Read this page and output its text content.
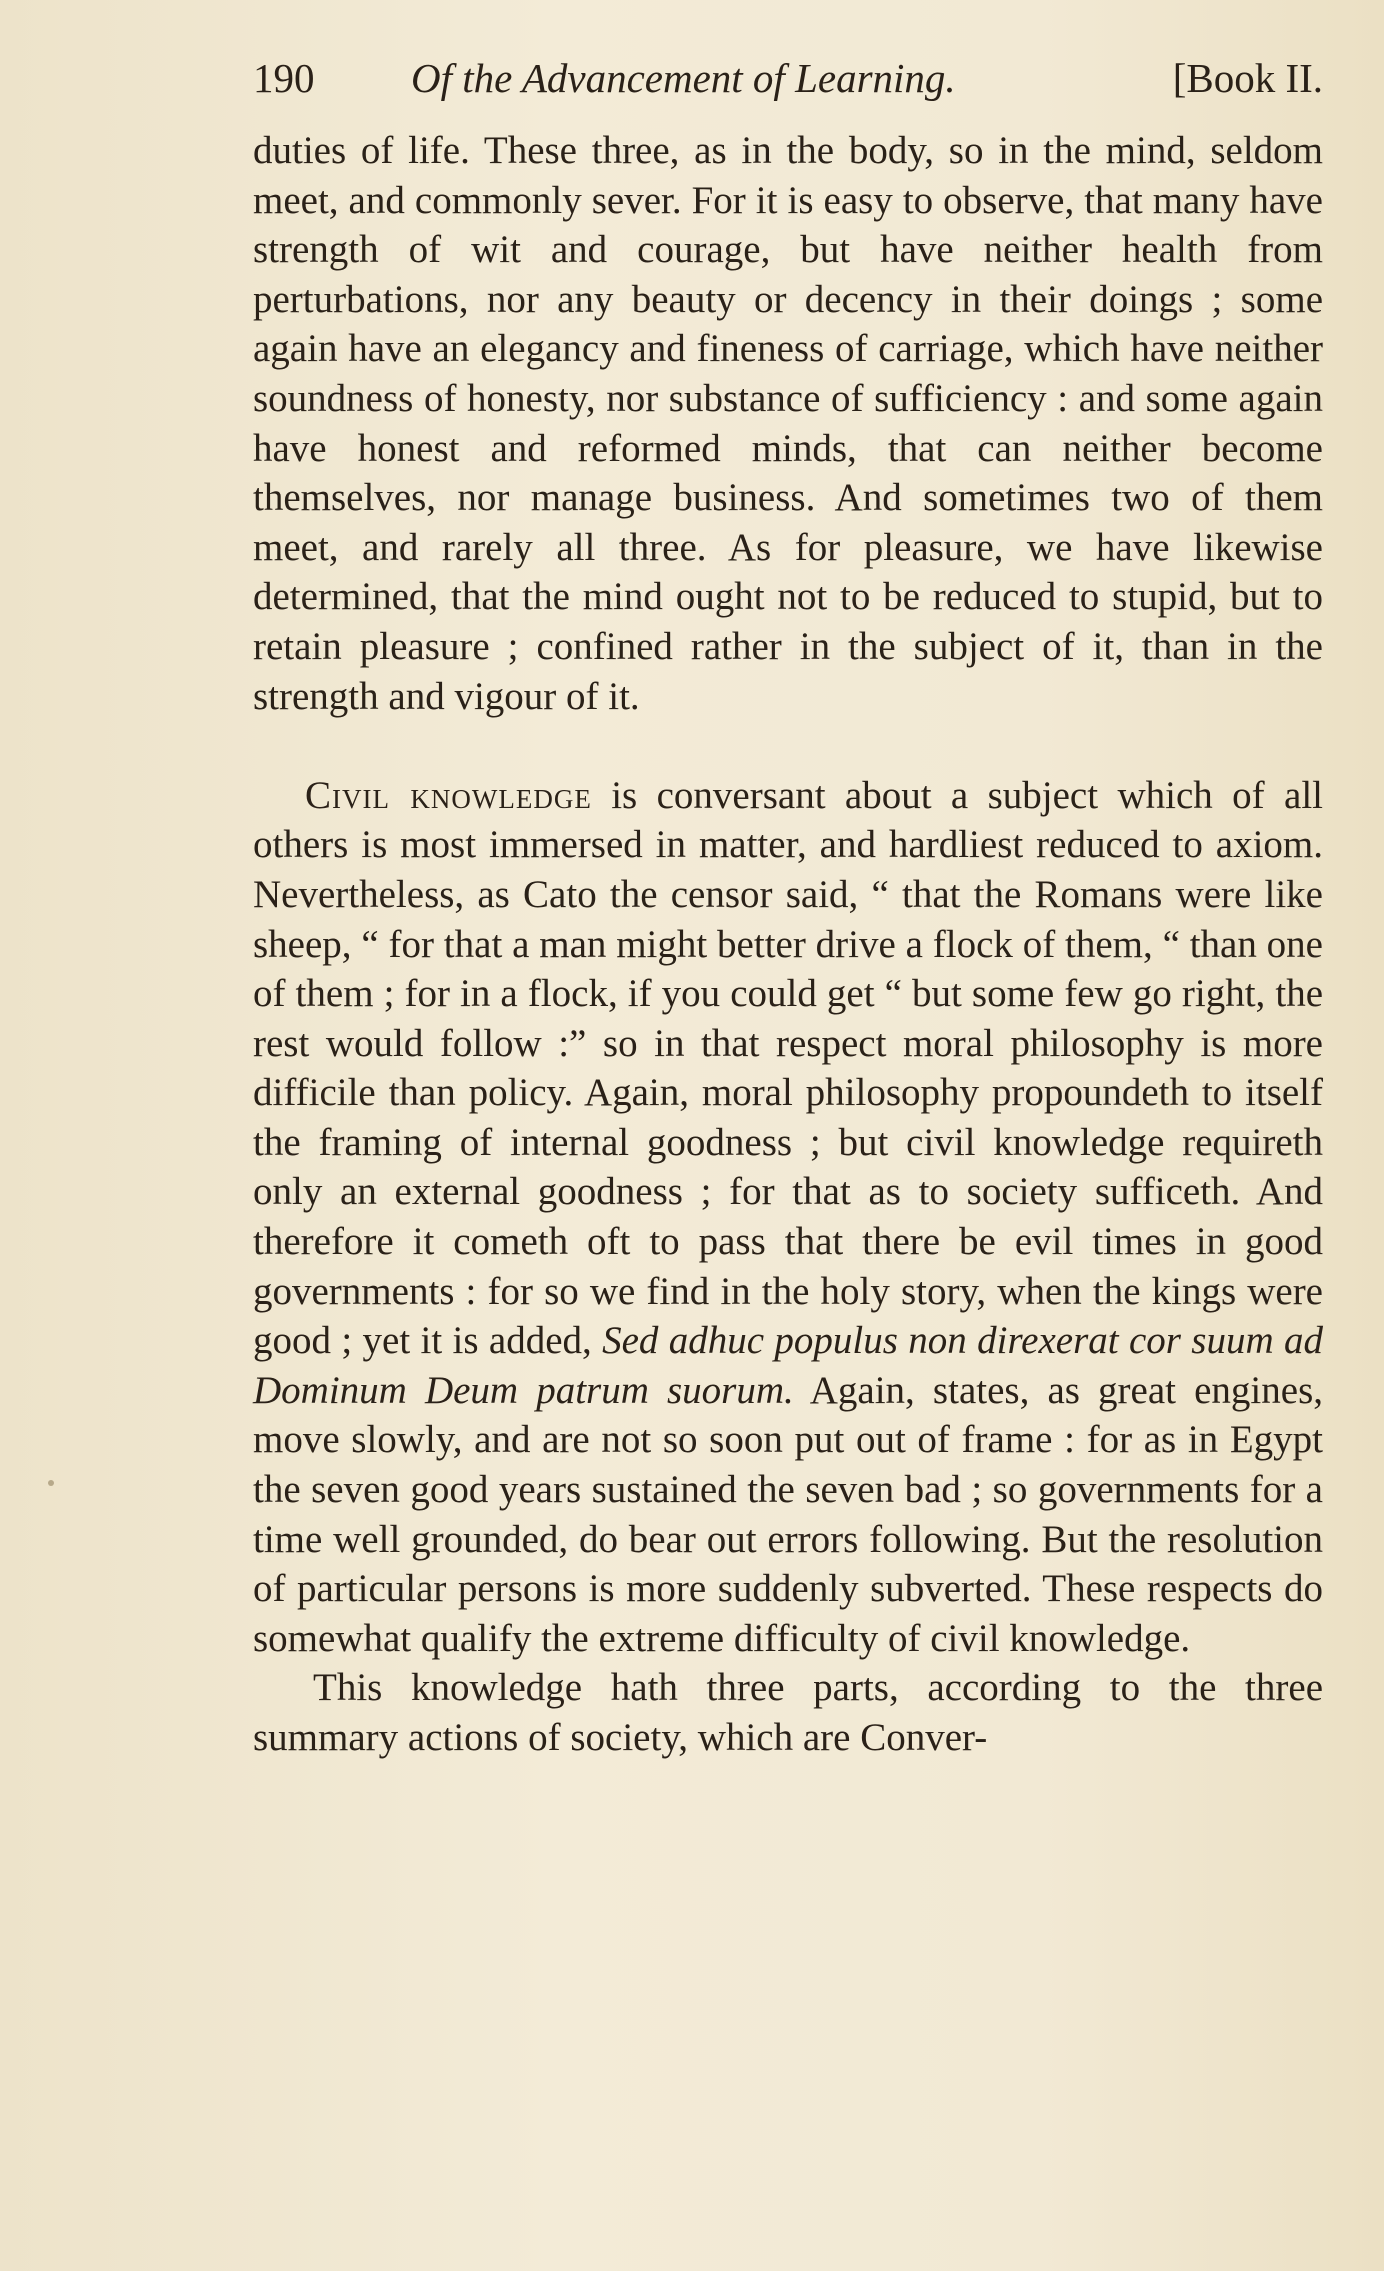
190 Of the Advancement of Learning.	[Book II.

duties of life. These three, as in the body, so in the mind, seldom meet, and commonly sever. For it is easy to observe, that many have strength of wit and courage, but have neither health from perturbations, nor any beauty or decency in their doings ; some again have an elegancy and fineness of carriage, which have neither soundness of honesty, nor substance of sufficiency : and some again have honest and reformed minds, that can neither become themselves, nor manage business. And sometimes two of them meet, and rarely all three. As for pleasure, we have likewise determined, that the mind ought not to be reduced to stupid, but to retain pleasure ; confined rather in the subject of it, than in the strength and vigour of it.

Civil knowledge is conversant about a subject which of all others is most immersed in matter, and hardliest reduced to axiom. Nevertheless, as Cato the censor said, “ that the Romans were like sheep, “ for that a man might better drive a flock of them, “ than one of them ; for in a flock, if you could get “ but some few go right, the rest would follow :” so in that respect moral philosophy is more difficile than policy. Again, moral philosophy propoundeth to itself the framing of internal goodness ; but civil knowledge requireth only an external goodness ; for that as to society sufficeth. And therefore it cometh oft to pass that there be evil times in good governments : for so we find in the holy story, when the kings were good ; yet it is added, Sed adhuc populus non direxerat cor suum ad Dominum Deum patrum suorum. Again, states, as great engines, move slowly, and are not so soon put out of frame : for as in Egypt the seven good years sustained the seven bad ; so governments for a time well grounded, do bear out errors following. But the resolution of particular persons is more suddenly subverted. These respects do somewhat qualify the extreme difficulty of civil knowledge.

This knowledge hath three parts, according to the three summary actions of society, which are Conver-
